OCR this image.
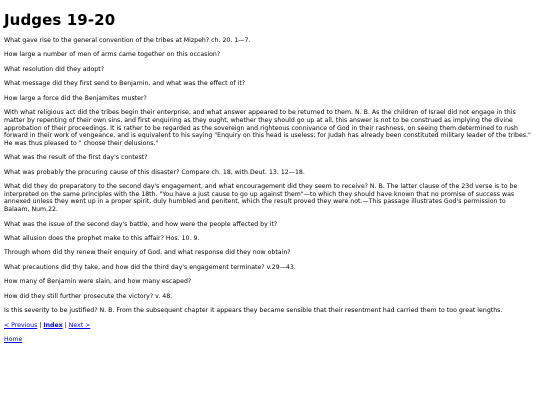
Judges 19-20

What gave rise to the general convention of the tribes at Mizpeh? ch. 20. 1—7.

How large a number of men of arms came together on this occasion?

What resolution did they adopt?

What message did they first send to Benjamin, and what was the effect of it?

How large a force did the Benjamites muster?

With what religious act did the tribes begin their enterprise, and what answer appeared to be returned to them. N. B. As the children of Israel did not engage in this matter by repenting of their own sins, and first enquiring as they ought, whether they should go up at all, this answer is not to be construed as implying the divine approbation of their proceedings. It is rather to be regarded as the sovereign and righteous connivance of God in their rashness, on seeing them determined to rush forward in their work of vengeance, and is equivalent to his saying "Enquiry on this head is useless; for Judah has already been constituted military leader of the tribes." He was thus pleased to " choose their delusions."

What was the result of the first day's contest?

What was probably the procuring cause of this disaster? Compare ch. 18, with Deut. 13. 12—18.

What did they do preparatory to the second day's engagement, and what encouragement did they seem to receive? N. B. The latter clause of the 23d verse is to be interpreted on the same principles with the 18th. "You have a just cause to go up against them"—to which they should have known that no promise of success was annexed unless they went up in a proper spirit, duly humbled and penitent, which the result proved they were not.—This passage illustrates God's permission to Balaam, Num.22.

What was the issue of the second day's battle, and how were the people affected by it?

What allusion does the prophet make to this affair? Hos. 10. 9.

Through whom did thy renew their enquiry of God, and what response did they now obtain?

What precautions did thy take, and how did the third day's engagement terminate? v.29—43.

How many of Benjamin were slain, and how many escaped?

How did they still further prosecute the victory? v. 48.

Is this severity to be justified? N. B. From the subsequent chapter it appears they became sensible that their resentment had carried them to too great lengths.

< Previous | Index | Next >
Home
